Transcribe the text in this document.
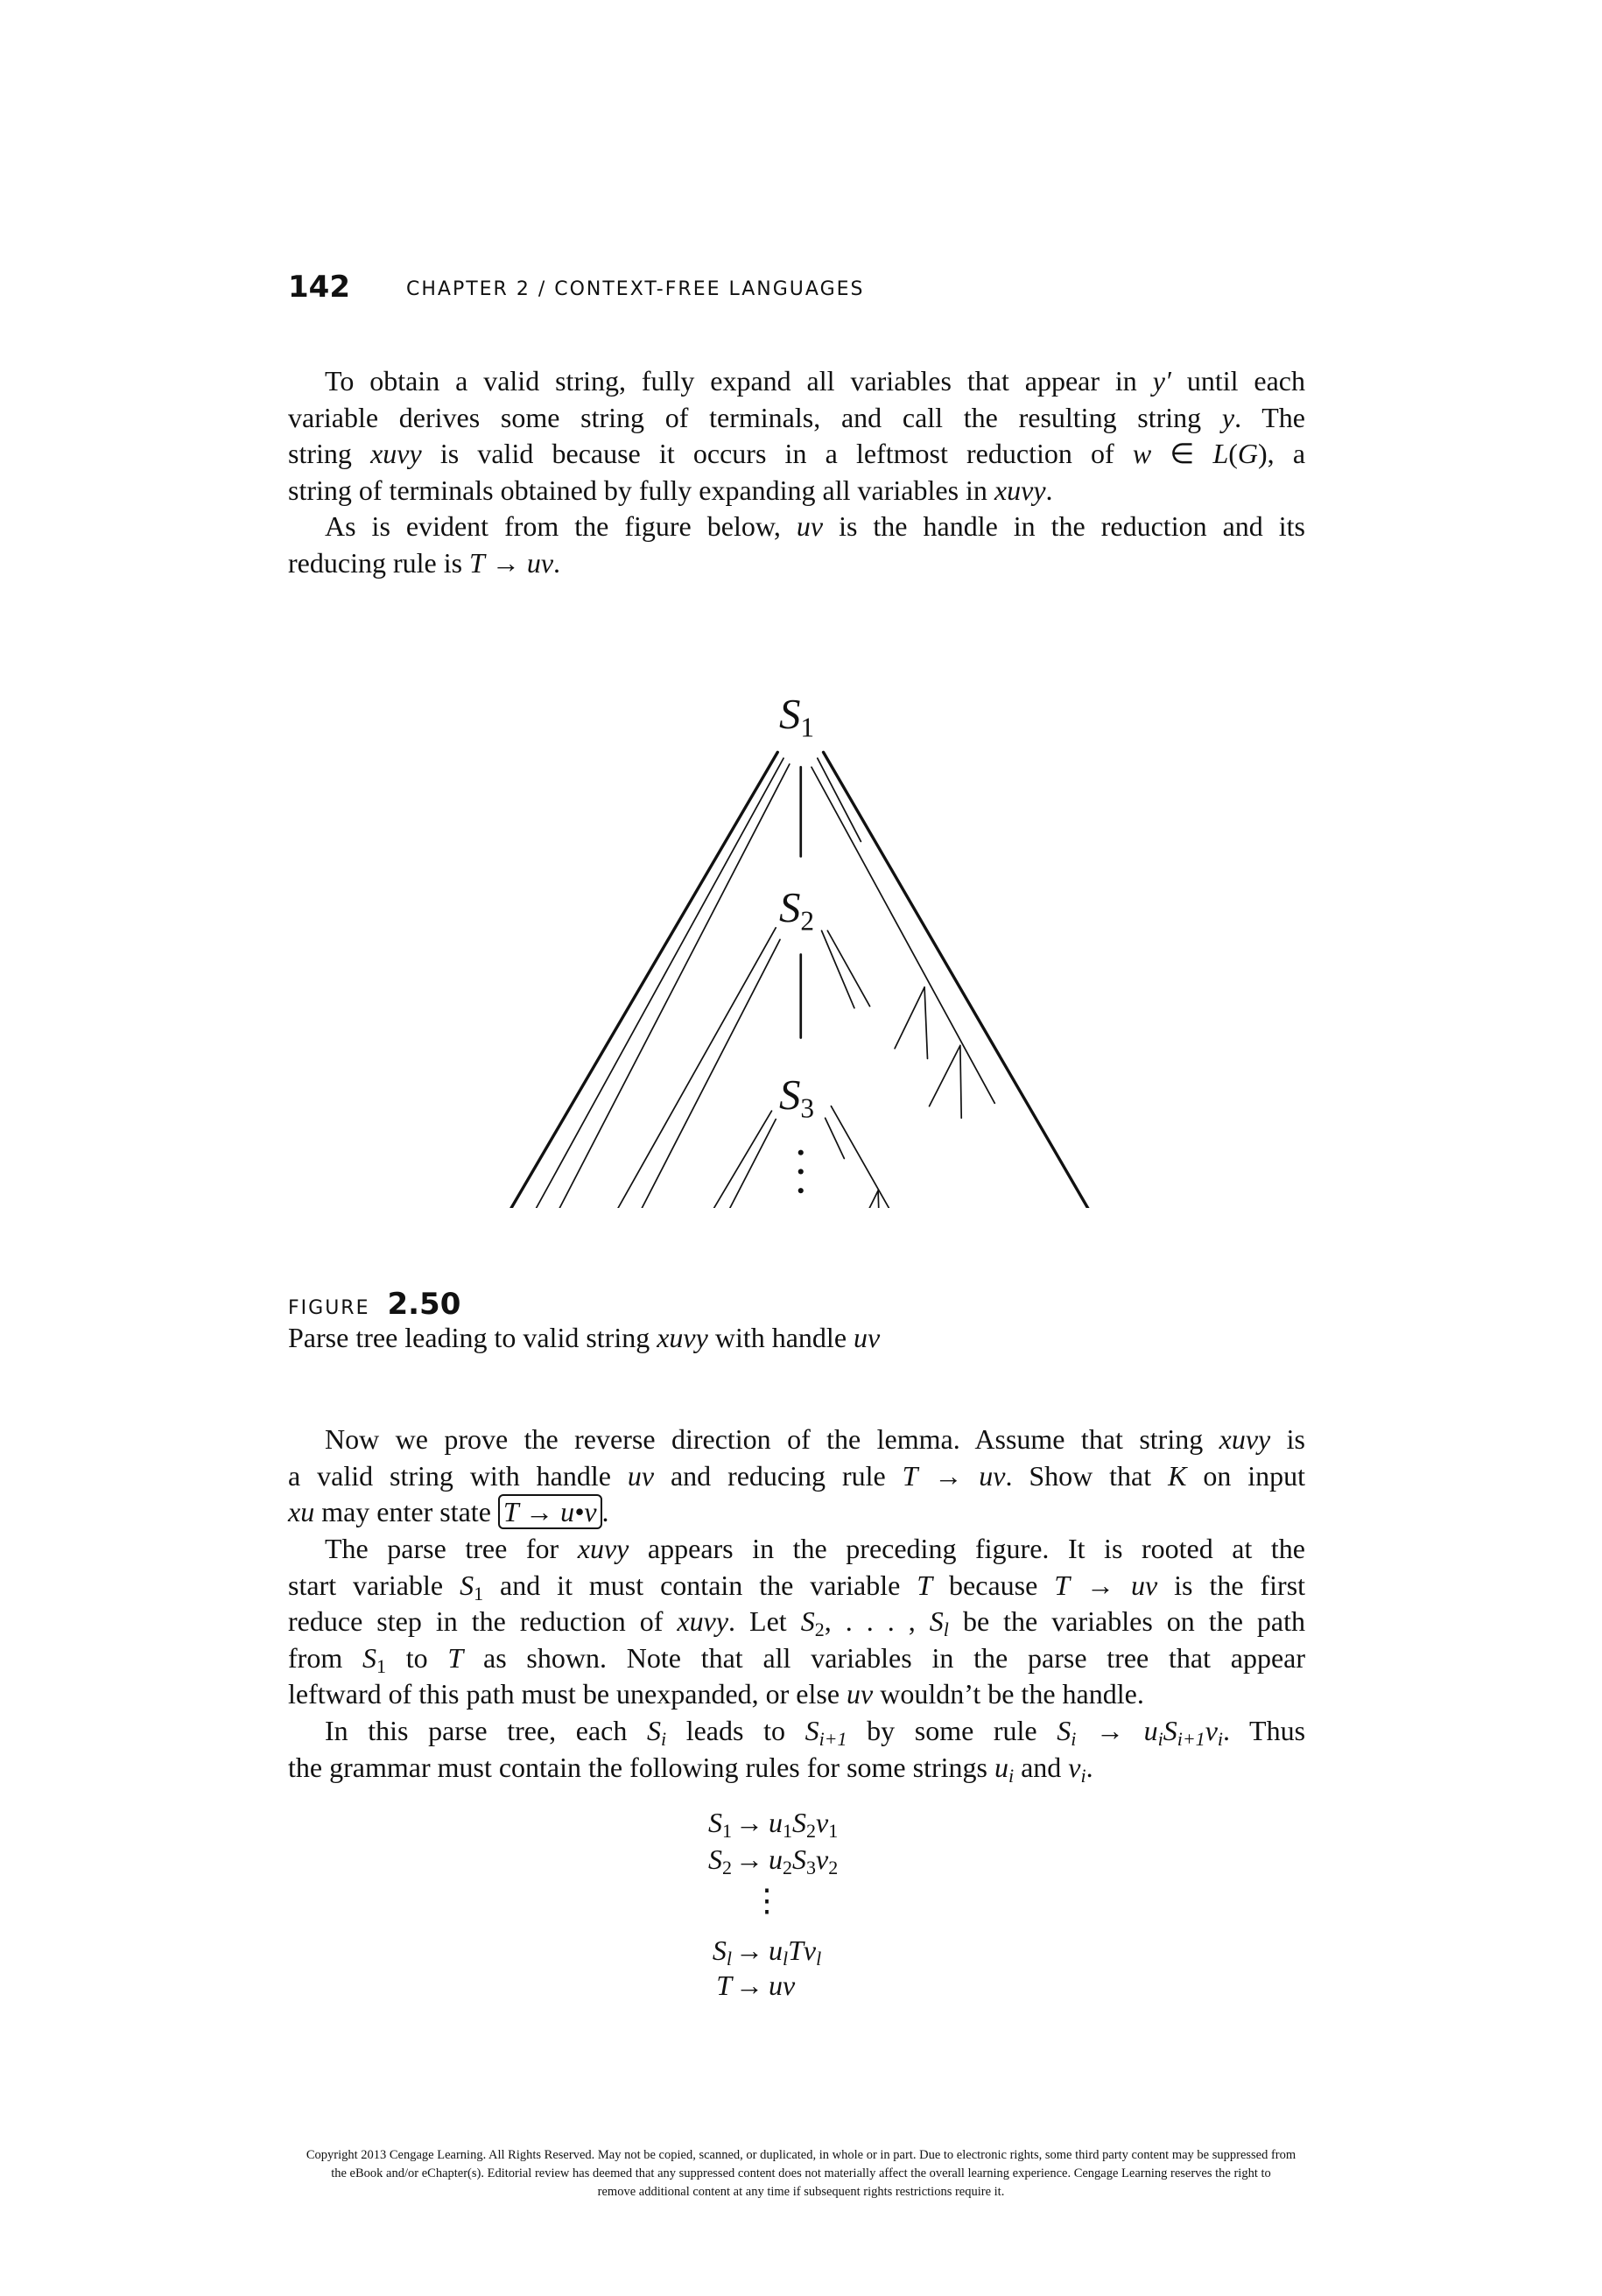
142	CHAPTER 2 / CONTEXT-FREE LANGUAGES
To obtain a valid string, fully expand all variables that appear in y′ until each
variable derives some string of terminals, and call the resulting string y. The
string xuvy is valid because it occurs in a leftmost reduction of w ∈ L(G), a
string of terminals obtained by fully expanding all variables in xuvy.
As is evident from the figure below, uv is the handle in the reduction and its
reducing rule is T → uv.
S1
S2
S3
FIGURE 2.50
Parse tree leading to valid string xuvy with handle uv
Now we prove the reverse direction of the lemma. Assume that string xuvy is
a valid string with handle uv and reducing rule T → uv. Show that K on input
xu may enter state T → u•v .
The parse tree for xuvy appears in the preceding figure. It is rooted at the
start variable S1 and it must contain the variable T because T → uv is the first
reduce step in the reduction of xuvy. Let S2, . . . , Sl be the variables on the path
from S1 to T as shown. Note that all variables in the parse tree that appear
leftward of this path must be unexpanded, or else uv wouldn’t be the handle.
In this parse tree, each Si leads to Si+1 by some rule Si → uiSi+1vi. Thus
the grammar must contain the following rules for some strings ui and vi.
S1 → u1S2v1
S2 → u2S3v2
⋮
Sl → ulTvl
T → uv
Copyright 2013 Cengage Learning. All Rights Reserved. May not be copied, scanned, or duplicated, in whole or in part. Due to electronic rights, some third party content may be suppressed from
the eBook and/or eChapter(s). Editorial review has deemed that any suppressed content does not materially affect the overall learning experience. Cengage Learning reserves the right to
remove additional content at any time if subsequent rights restrictions require it.
